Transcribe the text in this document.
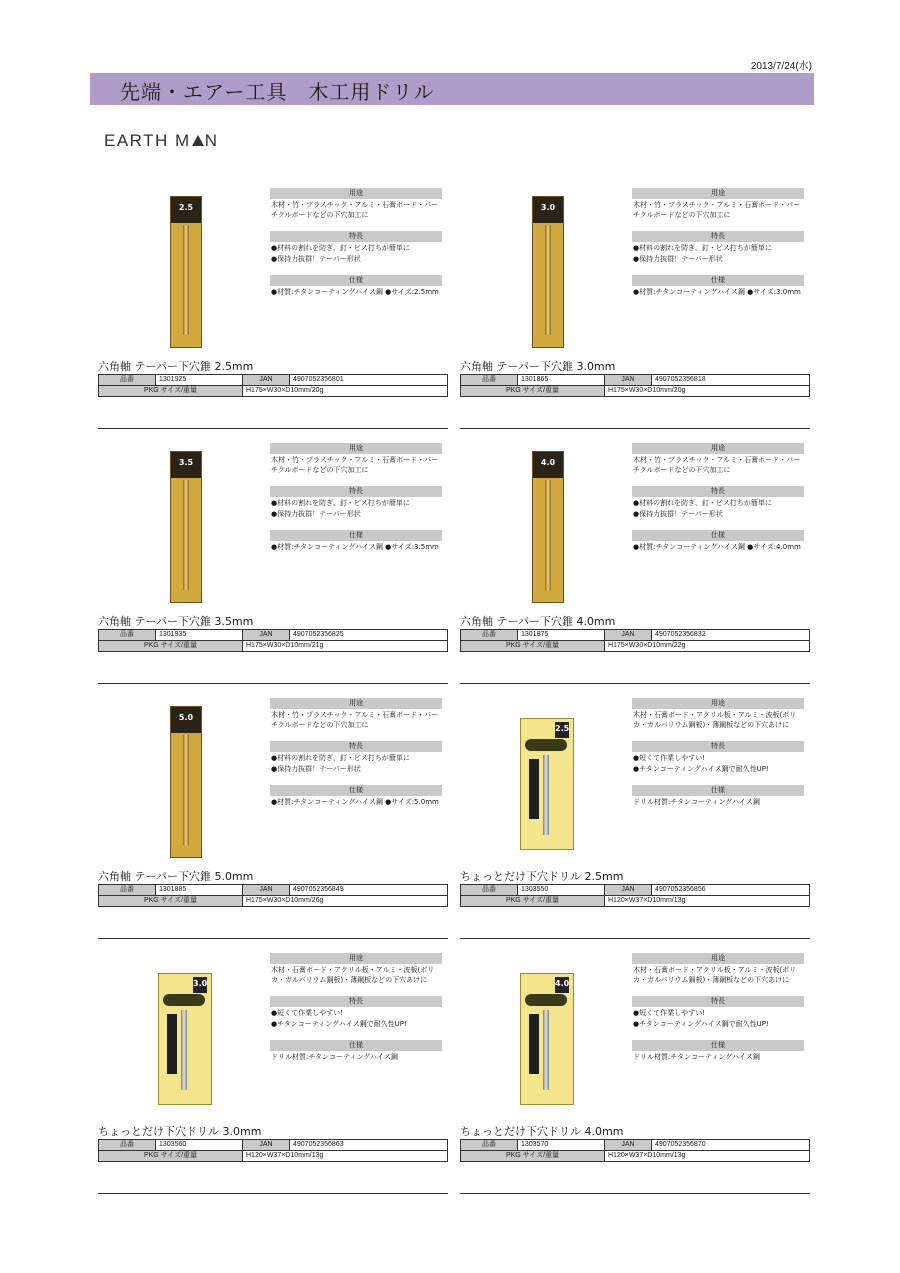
2013/7/24(水)
先端・エアー工具　木工用ドリル
EARTH M N
2.5
用途
木材・竹・プラスチック・アルミ・石膏ボード・パーチクルボードなどの下穴加工に
特長
●材料の割れを防ぎ、釘・ビス打ちが簡単に
●保持力抜群！テーパー形状
仕様
●材質:チタンコーティングハイス鋼 ●サイズ:2.5mm
六角軸 テーパー下穴錐 2.5mm
品番	1301925	JAN	4907052356801
PKG サイズ/重量		H175×W30×D10mm/20g	
3.0
用途
木材・竹・プラスチック・アルミ・石膏ボード・パーチクルボードなどの下穴加工に
特長
●材料の割れを防ぎ、釘・ビス打ちが簡単に
●保持力抜群！テーパー形状
仕様
●材質:チタンコーティングハイス鋼 ●サイズ:3.0mm
六角軸 テーパー下穴錐 3.0mm
品番	1301865	JAN	4907052356818
PKG サイズ/重量		H175×W30×D10mm/20g	
3.5
用途
木材・竹・プラスチック・アルミ・石膏ボード・パーチクルボードなどの下穴加工に
特長
●材料の割れを防ぎ、釘・ビス打ちが簡単に
●保持力抜群！テーパー形状
仕様
●材質:チタンコーティングハイス鋼 ●サイズ:3.5mm
六角軸 テーパー下穴錐 3.5mm
品番	1301935	JAN	4907052356825
PKG サイズ/重量		H175×W30×D10mm/21g	
4.0
用途
木材・竹・プラスチック・アルミ・石膏ボード・パーチクルボードなどの下穴加工に
特長
●材料の割れを防ぎ、釘・ビス打ちが簡単に
●保持力抜群！テーパー形状
仕様
●材質:チタンコーティングハイス鋼 ●サイズ:4.0mm
六角軸 テーパー下穴錐 4.0mm
品番	1301875	JAN	4907052356832
PKG サイズ/重量		H175×W30×D10mm/22g	
5.0
用途
木材・竹・プラスチック・アルミ・石膏ボード・パーチクルボードなどの下穴加工に
特長
●材料の割れを防ぎ、釘・ビス打ちが簡単に
●保持力抜群！テーパー形状
仕様
●材質:チタンコーティングハイス鋼 ●サイズ:5.0mm
六角軸 テーパー下穴錐 5.0mm
品番	1301885	JAN	4907052356849
PKG サイズ/重量		H175×W30×D10mm/26g	
2.5
用途
木材・石膏ボード・アクリル板・アルミ・波板(ポリカ・ガルバリウム鋼板)・薄鋼板などの下穴あけに
特長
●短くて作業しやすい!
●チタンコーティングハイス鋼で耐久性UP!
仕様
ドリル材質:チタンコーティングハイス鋼
ちょっとだけ下穴ドリル 2.5mm
品番	1303550	JAN	4907052356856
PKG サイズ/重量		H120×W37×D10mm/13g	
3.0
用途
木材・石膏ボード・アクリル板・アルミ・波板(ポリカ・ガルバリウム鋼板)・薄鋼板などの下穴あけに
特長
●短くて作業しやすい!
●チタンコーティングハイス鋼で耐久性UP!
仕様
ドリル材質:チタンコーティングハイス鋼
ちょっとだけ下穴ドリル 3.0mm
品番	1303560	JAN	4907052356863
PKG サイズ/重量		H120×W37×D10mm/13g	
4.0
用途
木材・石膏ボード・アクリル板・アルミ・波板(ポリカ・ガルバリウム鋼板)・薄鋼板などの下穴あけに
特長
●短くて作業しやすい!
●チタンコーティングハイス鋼で耐久性UP!
仕様
ドリル材質:チタンコーティングハイス鋼
ちょっとだけ下穴ドリル 4.0mm
品番	1303570	JAN	4907052356870
PKG サイズ/重量		H120×W37×D10mm/13g	
